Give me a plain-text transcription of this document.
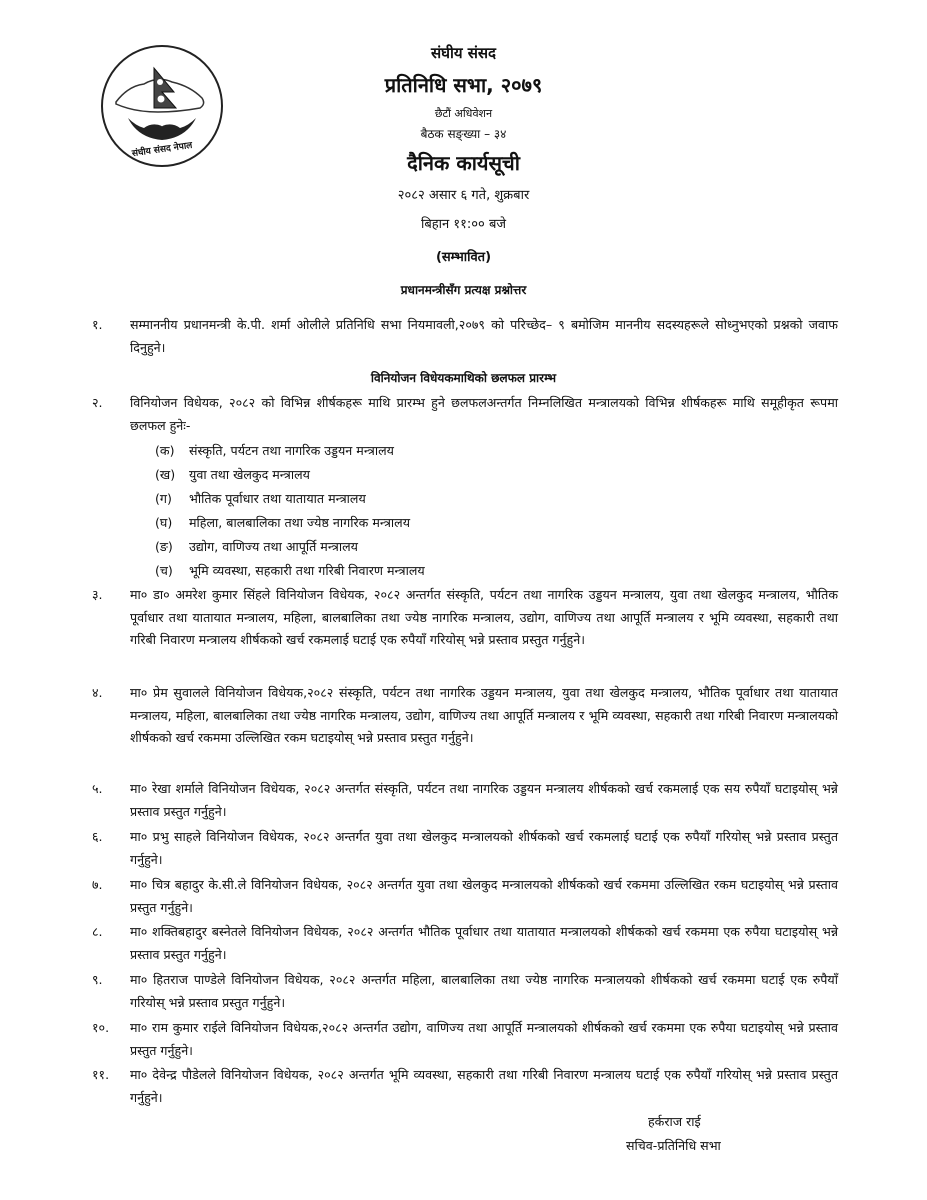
संघीय संसद नेपाल
संघीय संसद
प्रतिनिधि सभा, २०७९
छैटौं अधिवेशन
बैठक सङ्ख्या – ३४
दैनिक कार्यसूची
२०८२ असार ६ गते, शुक्रबार
बिहान ११:०० बजे
(सम्भावित)
प्रधानमन्त्रीसँग प्रत्यक्ष प्रश्नोत्तर
१. सम्माननीय प्रधानमन्त्री के.पी. शर्मा ओलीले प्रतिनिधि सभा नियमावली,२०७९ को परिच्छेद– ९ बमोजिम माननीय सदस्यहरूले सोध्नुभएको प्रश्नको जवाफ दिनुहुने।
विनियोजन विधेयकमाथिको छलफल प्रारम्भ
२. विनियोजन विधेयक, २०८२ को विभिन्न शीर्षकहरू माथि प्रारम्भ हुने छलफलअन्तर्गत निम्नलिखित मन्त्रालयको विभिन्न शीर्षकहरू माथि समूहीकृत रूपमा छलफल हुनेः-
(क) संस्कृति, पर्यटन तथा नागरिक उड्डयन मन्त्रालय
(ख) युवा तथा खेलकुद मन्त्रालय
(ग) भौतिक पूर्वाधार तथा यातायात मन्त्रालय
(घ) महिला, बालबालिका तथा ज्येष्ठ नागरिक मन्त्रालय
(ङ) उद्योग, वाणिज्य तथा आपूर्ति मन्त्रालय
(च) भूमि व्यवस्था, सहकारी तथा गरिबी निवारण मन्त्रालय
३. मा० डा० अमरेश कुमार सिंहले विनियोजन विधेयक, २०८२ अन्तर्गत संस्कृति, पर्यटन तथा नागरिक उड्डयन मन्त्रालय, युवा तथा खेलकुद मन्त्रालय, भौतिक पूर्वाधार तथा यातायात मन्त्रालय, महिला, बालबालिका तथा ज्येष्ठ नागरिक मन्त्रालय, उद्योग, वाणिज्य तथा आपूर्ति मन्त्रालय र भूमि व्यवस्था, सहकारी तथा गरिबी निवारण मन्त्रालय शीर्षकको खर्च रकमलाई घटाई एक रुपैयाँ गरियोस् भन्ने प्रस्ताव प्रस्तुत गर्नुहुने।
४. मा० प्रेम सुवालले विनियोजन विधेयक,२०८२ संस्कृति, पर्यटन तथा नागरिक उड्डयन मन्त्रालय, युवा तथा खेलकुद मन्त्रालय, भौतिक पूर्वाधार तथा यातायात मन्त्रालय, महिला, बालबालिका तथा ज्येष्ठ नागरिक मन्त्रालय, उद्योग, वाणिज्य तथा आपूर्ति मन्त्रालय र भूमि व्यवस्था, सहकारी तथा गरिबी निवारण मन्त्रालयको शीर्षकको खर्च रकममा उल्लिखित रकम घटाइयोस् भन्ने प्रस्ताव प्रस्तुत गर्नुहुने।
५. मा० रेखा शर्माले विनियोजन विधेयक, २०८२ अन्तर्गत संस्कृति, पर्यटन तथा नागरिक उड्डयन मन्त्रालय शीर्षकको खर्च रकमलाई एक सय रुपैयाँ घटाइयोस् भन्ने प्रस्ताव प्रस्तुत गर्नुहुने।
६. मा० प्रभु साहले विनियोजन विधेयक, २०८२ अन्तर्गत युवा तथा खेलकुद मन्त्रालयको शीर्षकको खर्च रकमलाई घटाई एक रुपैयाँ गरियोस् भन्ने प्रस्ताव प्रस्तुत गर्नुहुने।
७. मा० चित्र बहादुर के.सी.ले विनियोजन विधेयक, २०८२ अन्तर्गत युवा तथा खेलकुद मन्त्रालयको शीर्षकको खर्च रकममा उल्लिखित रकम घटाइयोस् भन्ने प्रस्ताव प्रस्तुत गर्नुहुने।
८. मा० शक्तिबहादुर बस्नेतले विनियोजन विधेयक, २०८२ अन्तर्गत भौतिक पूर्वाधार तथा यातायात मन्त्रालयको शीर्षकको खर्च रकममा एक रुपैया घटाइयोस् भन्ने प्रस्ताव प्रस्तुत गर्नुहुने।
९. मा० हितराज पाण्डेले विनियोजन विधेयक, २०८२ अन्तर्गत महिला, बालबालिका तथा ज्येष्ठ नागरिक मन्त्रालयको शीर्षकको खर्च रकममा घटाई एक रुपैयाँ गरियोस् भन्ने प्रस्ताव प्रस्तुत गर्नुहुने।
१०. मा० राम कुमार राईले विनियोजन विधेयक,२०८२ अन्तर्गत उद्योग, वाणिज्य तथा आपूर्ति मन्त्रालयको शीर्षकको खर्च रकममा एक रुपैया घटाइयोस् भन्ने प्रस्ताव प्रस्तुत गर्नुहुने।
११. मा० देवेन्द्र पौडेलले विनियोजन विधेयक, २०८२ अन्तर्गत भूमि व्यवस्था, सहकारी तथा गरिबी निवारण मन्त्रालय घटाई एक रुपैयाँ गरियोस् भन्ने प्रस्ताव प्रस्तुत गर्नुहुने।
हर्कराज राई
सचिव-प्रतिनिधि सभा
